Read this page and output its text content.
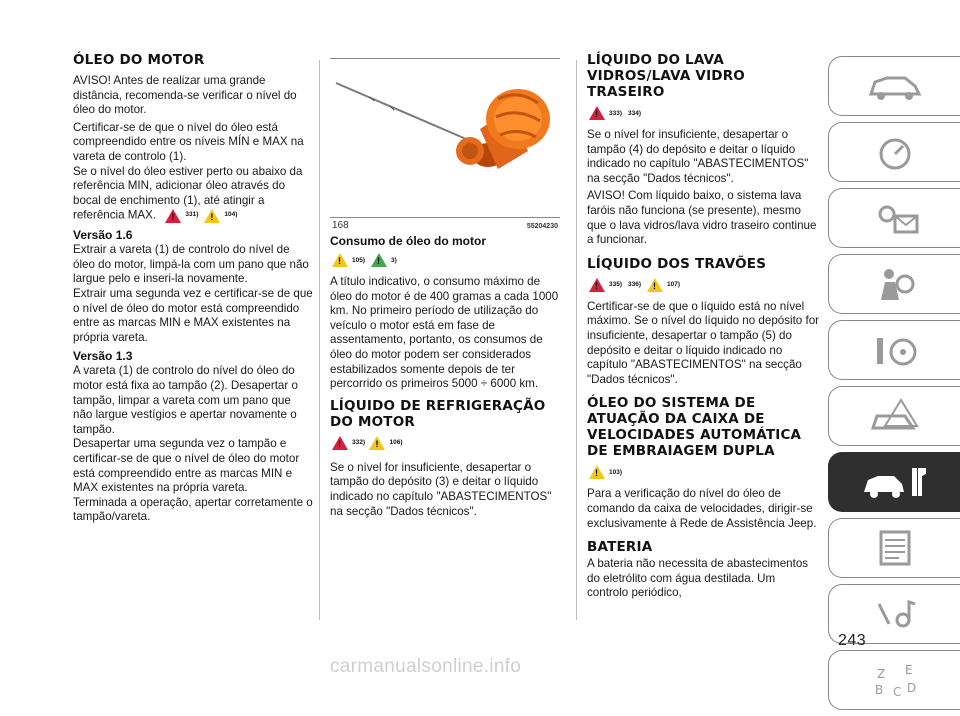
ÓLEO DO MOTOR

AVISO! Antes de realizar uma grande distância, recomenda-se verificar o nível do óleo do motor.

Certificar-se de que o nível do óleo está compreendido entre os níveis MÍN e MAX na vareta de controlo (1).

Se o nível do óleo estiver perto ou abaixo da referência MIN, adicionar óleo através do bocal de enchimento (1), até atingir a referência MAX. !	331) !	104)

Versão 1.6

Extrair a vareta (1) de controlo do nível de óleo do motor, limpá-la com um pano que não largue pelo e inseri-la novamente.

Extrair uma segunda vez e certificar-se de que o nível de óleo do motor está compreendido entre as marcas MIN e MAX existentes na própria vareta.

Versão 1.3

A vareta (1) de controlo do nível do óleo do motor está fixa ao tampão (2). Desapertar o tampão, limpar a vareta com um pano que não largue vestígios e apertar novamente o tampão.

Desapertar uma segunda vez o tampão e certificar-se de que o nível de óleo do motor está compreendido entre as marcas MIN e MAX existentes na própria vareta.

Terminada a operação, apertar corretamente o tampão/vareta.

168	55204230
Consumo de óleo do motor
!
105) !	3)

A título indicativo, o consumo máximo de óleo do motor é de 400 gramas a cada 1000 km. No primeiro período de utilização do veículo o motor está em fase de assentamento, portanto, os consumos de óleo do motor podem ser considerados estabilizados somente depois de ter percorrido os primeiros 5000 ÷ 6000 km.

LÍQUIDO DE REFRIGERAÇÃO DO MOTOR
!
332)
!	106)

Se o nível for insuficiente, desapertar o tampão do depósito (3) e deitar o líquido indicado no capítulo "ABASTECIMENTOS" na secção "Dados técnicos".

LÍQUIDO DO LAVA VIDROS/LAVA VIDRO TRASEIRO
!
333) 334)

Se o nível for insuficiente, desapertar o tampão (4) do depósito e deitar o líquido indicado no capítulo "ABASTECIMENTOS" na secção "Dados técnicos".

AVISO! Com líquido baixo, o sistema lava faróis não funciona (se presente), mesmo que o lava vidros/lava vidro traseiro continue a funcionar.

LÍQUIDO DOS TRAVÕES
!
335) 336) !	107)

Certificar-se de que o líquido está no nível máximo. Se o nível do líquido no depósito for insuficiente, desapertar o tampão (5) do depósito e deitar o líquido indicado no capítulo "ABASTECIMENTOS" na secção "Dados técnicos".

ÓLEO DO SISTEMA DE ATUAÇÃO DA CAIXA DE VELOCIDADES AUTOMÁTICA DE EMBRAIAGEM DUPLA
!
103)

Para a verificação do nível do óleo de comando da caixa de velocidades, dirigir-se exclusivamente à Rede de Assistência Jeep.

BATERIA

A bateria não necessita de abastecimentos do eletrólito com água destilada. Um controlo periódico,

Z E
B C D
243
carmanualsonline.info
